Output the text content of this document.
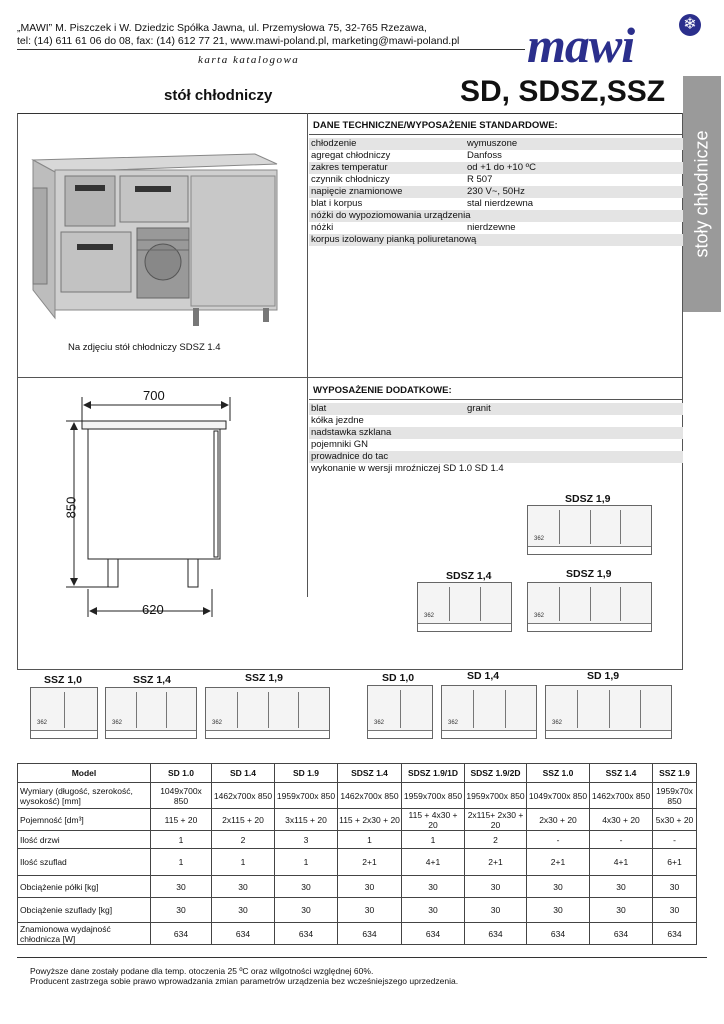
„MAWI” M. Piszczek i W. Dziedzic Spółka Jawna, ul. Przemysłowa 75, 32-765 Rzezawa,
tel: (14) 611 61 06 do 08, fax: (14) 612 77 21, www.mawi-poland.pl, marketing@mawi-poland.pl
karta katalogowa	mawi	❄
stół chłodniczy	SD, SDSZ,SSZ
stoły chłodnicze
Na zdjęciu stół chłodniczy SDSZ 1.4
DANE TECHNICZNE/WYPOSAŻENIE STANDARDOWE:
chłodzenie	wymuszone
agregat chłodniczy	Danfoss
zakres temperatur	od +1 do +10 ºC
czynnik chłodniczy	R 507
napięcie znamionowe	230 V~, 50Hz
blat i korpus	stal nierdzewna
nóżki do wypoziomowania urządzenia
nóżki	nierdzewne
korpus izolowany pianką poliuretanową
WYPOSAŻENIE DODATKOWE:
blat	granit
kółka jezdne
nadstawka szklana
pojemniki GN
prowadnice do tac
wykonanie w wersji mroźniczej SD 1.0 SD 1.4
700
850
620
SDSZ 1,9
362
SDSZ 1,4
362
SDSZ 1,9
362
SSZ 1,0
362
SSZ 1,4
362
SSZ 1,9
362
SD 1,0
362
SD 1,4
362
SD 1,9
362
Model	SD 1.0	SD 1.4	SD 1.9	SDSZ 1.4	SDSZ 1.9/1D	SDSZ 1.9/2D	SSZ 1.0	SSZ 1.4	SSZ 1.9
Wymiary (długość, szerokość, wysokość) [mm]	1049x700x 850	1462x700x 850	1959x700x 850	1462x700x 850	1959x700x 850	1959x700x 850	1049x700x 850	1462x700x 850	1959x70x 850
Pojemność [dm³]	115 + 20	2x115 + 20	3x115 + 20	115 + 2x30 + 20	115 + 4x30 + 20	2x115+ 2x30 + 20	2x30 + 20	4x30 + 20	5x30 + 20
Ilość drzwi	1	2	3	1	1	2	-	-	-
Ilość szuflad	1	1	1	2+1	4+1	2+1	2+1	4+1	6+1
Obciążenie półki [kg]	30	30	30	30	30	30	30	30	30
Obciążenie szuflady [kg]	30	30	30	30	30	30	30	30	30
Znamionowa wydajność chłodnicza [W]	634	634	634	634	634	634	634	634	634
Powyższe dane zostały podane dla temp. otoczenia 25 ºC oraz wilgotności względnej 60%.
Producent zastrzega sobie prawo wprowadzania zmian parametrów urządzenia bez wcześniejszego uprzedzenia.
